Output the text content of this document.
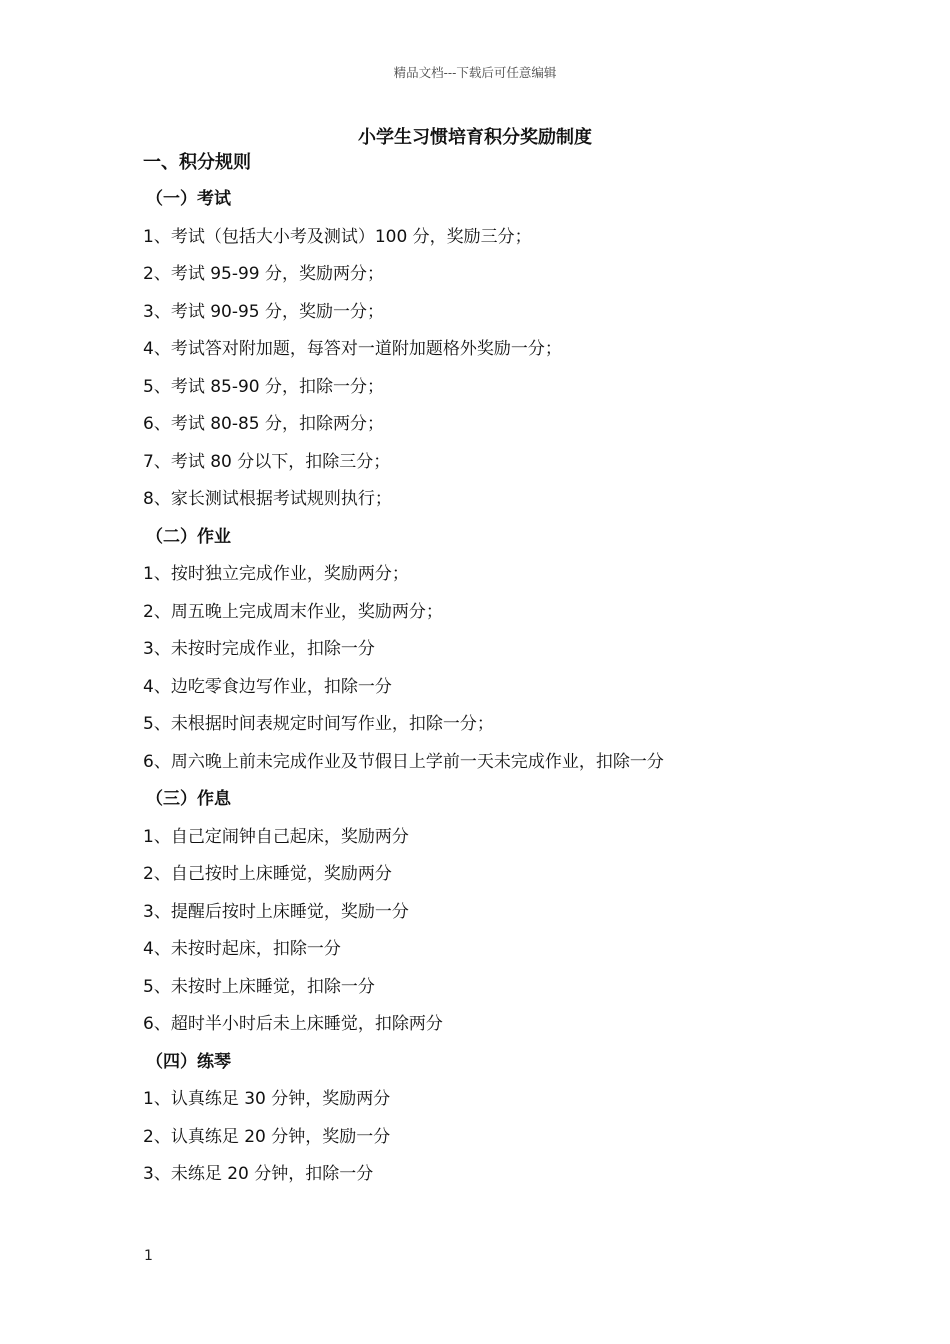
精品文档---下载后可任意编辑
小学生习惯培育积分奖励制度
一、积分规则
（一）考试
1、考试（包括大小考及测试）100 分，奖励三分；
2、考试 95-99 分，奖励两分；
3、考试 90-95 分，奖励一分；
4、考试答对附加题，每答对一道附加题格外奖励一分；
5、考试 85-90 分，扣除一分；
6、考试 80-85 分，扣除两分；
7、考试 80 分以下，扣除三分；
8、家长测试根据考试规则执行；
（二）作业
1、按时独立完成作业，奖励两分；
2、周五晚上完成周末作业，奖励两分；
3、未按时完成作业，扣除一分
4、边吃零食边写作业，扣除一分
5、未根据时间表规定时间写作业，扣除一分；
6、周六晚上前未完成作业及节假日上学前一天未完成作业，扣除一分
（三）作息
1、自己定闹钟自己起床，奖励两分
2、自己按时上床睡觉，奖励两分
3、提醒后按时上床睡觉，奖励一分
4、未按时起床，扣除一分
5、未按时上床睡觉，扣除一分
6、超时半小时后未上床睡觉，扣除两分
（四）练琴
1、认真练足 30 分钟，奖励两分
2、认真练足 20 分钟，奖励一分
3、未练足 20 分钟，扣除一分
1
